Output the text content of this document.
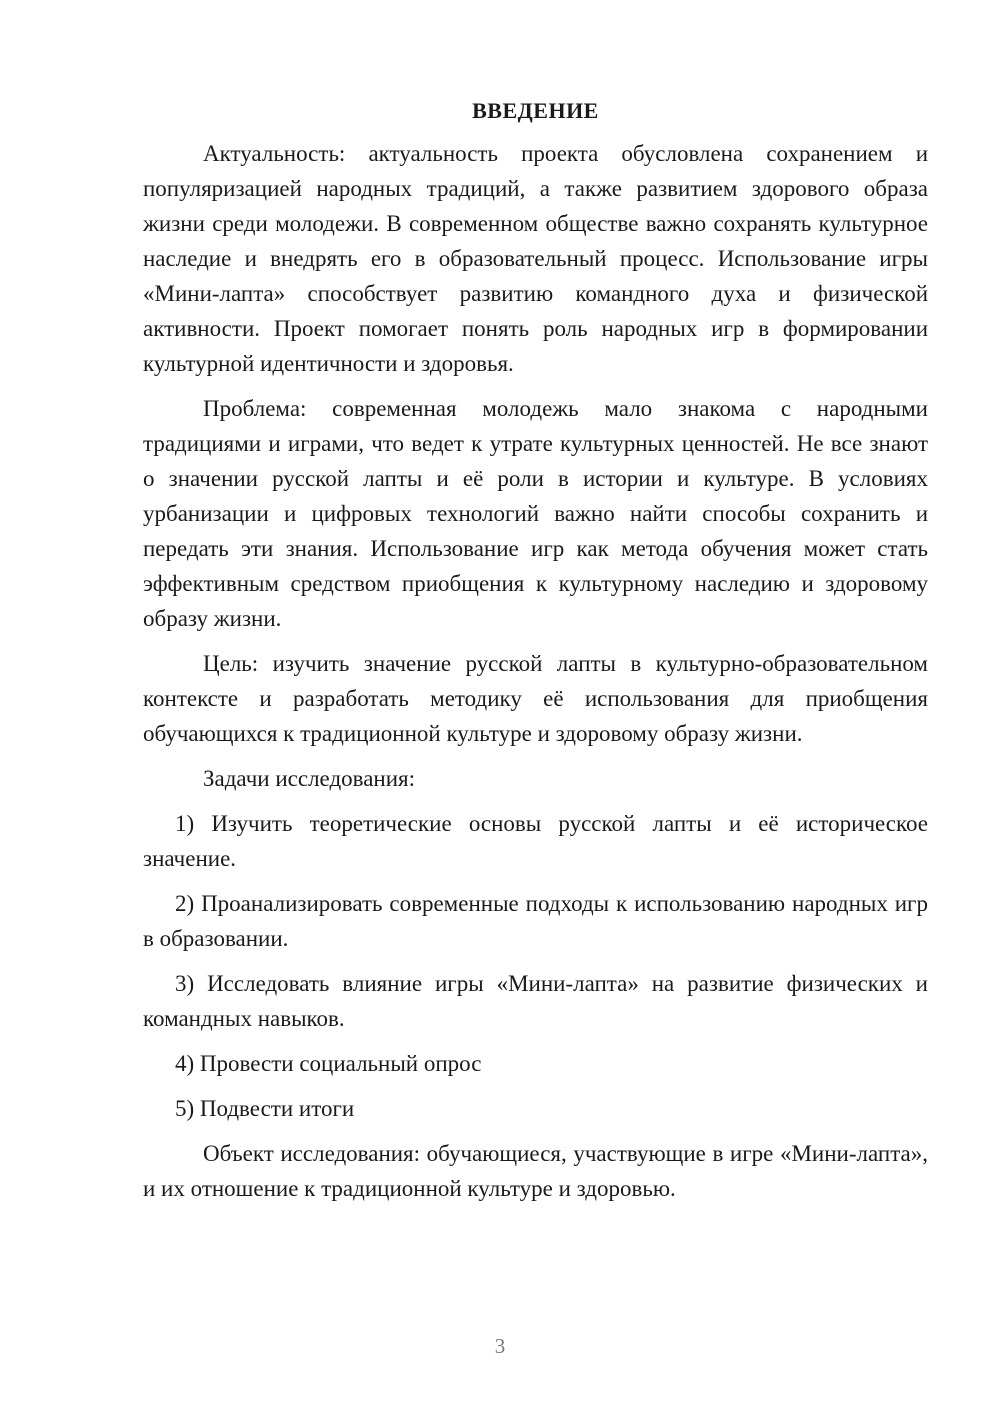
ВВЕДЕНИЕ

Актуальность: актуальность проекта обусловлена сохранением и популяризацией народных традиций, а также развитием здорового образа жизни среди молодежи. В современном обществе важно сохранять культурное наследие и внедрять его в образовательный процесс. Использование игры «Мини-лапта» способствует развитию командного духа и физической активности. Проект помогает понять роль народных игр в формировании культурной идентичности и здоровья.

Проблема: современная молодежь мало знакома с народными традициями и играми, что ведет к утрате культурных ценностей. Не все знают о значении русской лапты и её роли в истории и культуре. В условиях урбанизации и цифровых технологий важно найти способы сохранить и передать эти знания. Использование игр как метода обучения может стать эффективным средством приобщения к культурному наследию и здоровому образу жизни.

Цель: изучить значение русской лапты в культурно-образовательном контексте и разработать методику её использования для приобщения обучающихся к традиционной культуре и здоровому образу жизни.

Задачи исследования:

1) Изучить теоретические основы русской лапты и её историческое значение.

2) Проанализировать современные подходы к использованию народных игр в образовании.

3) Исследовать влияние игры «Мини-лапта» на развитие физических и командных навыков.

4) Провести социальный опрос

5) Подвести итоги

Объект исследования: обучающиеся, участвующие в игре «Мини-лапта», и их отношение к традиционной культуре и здоровью.

3
